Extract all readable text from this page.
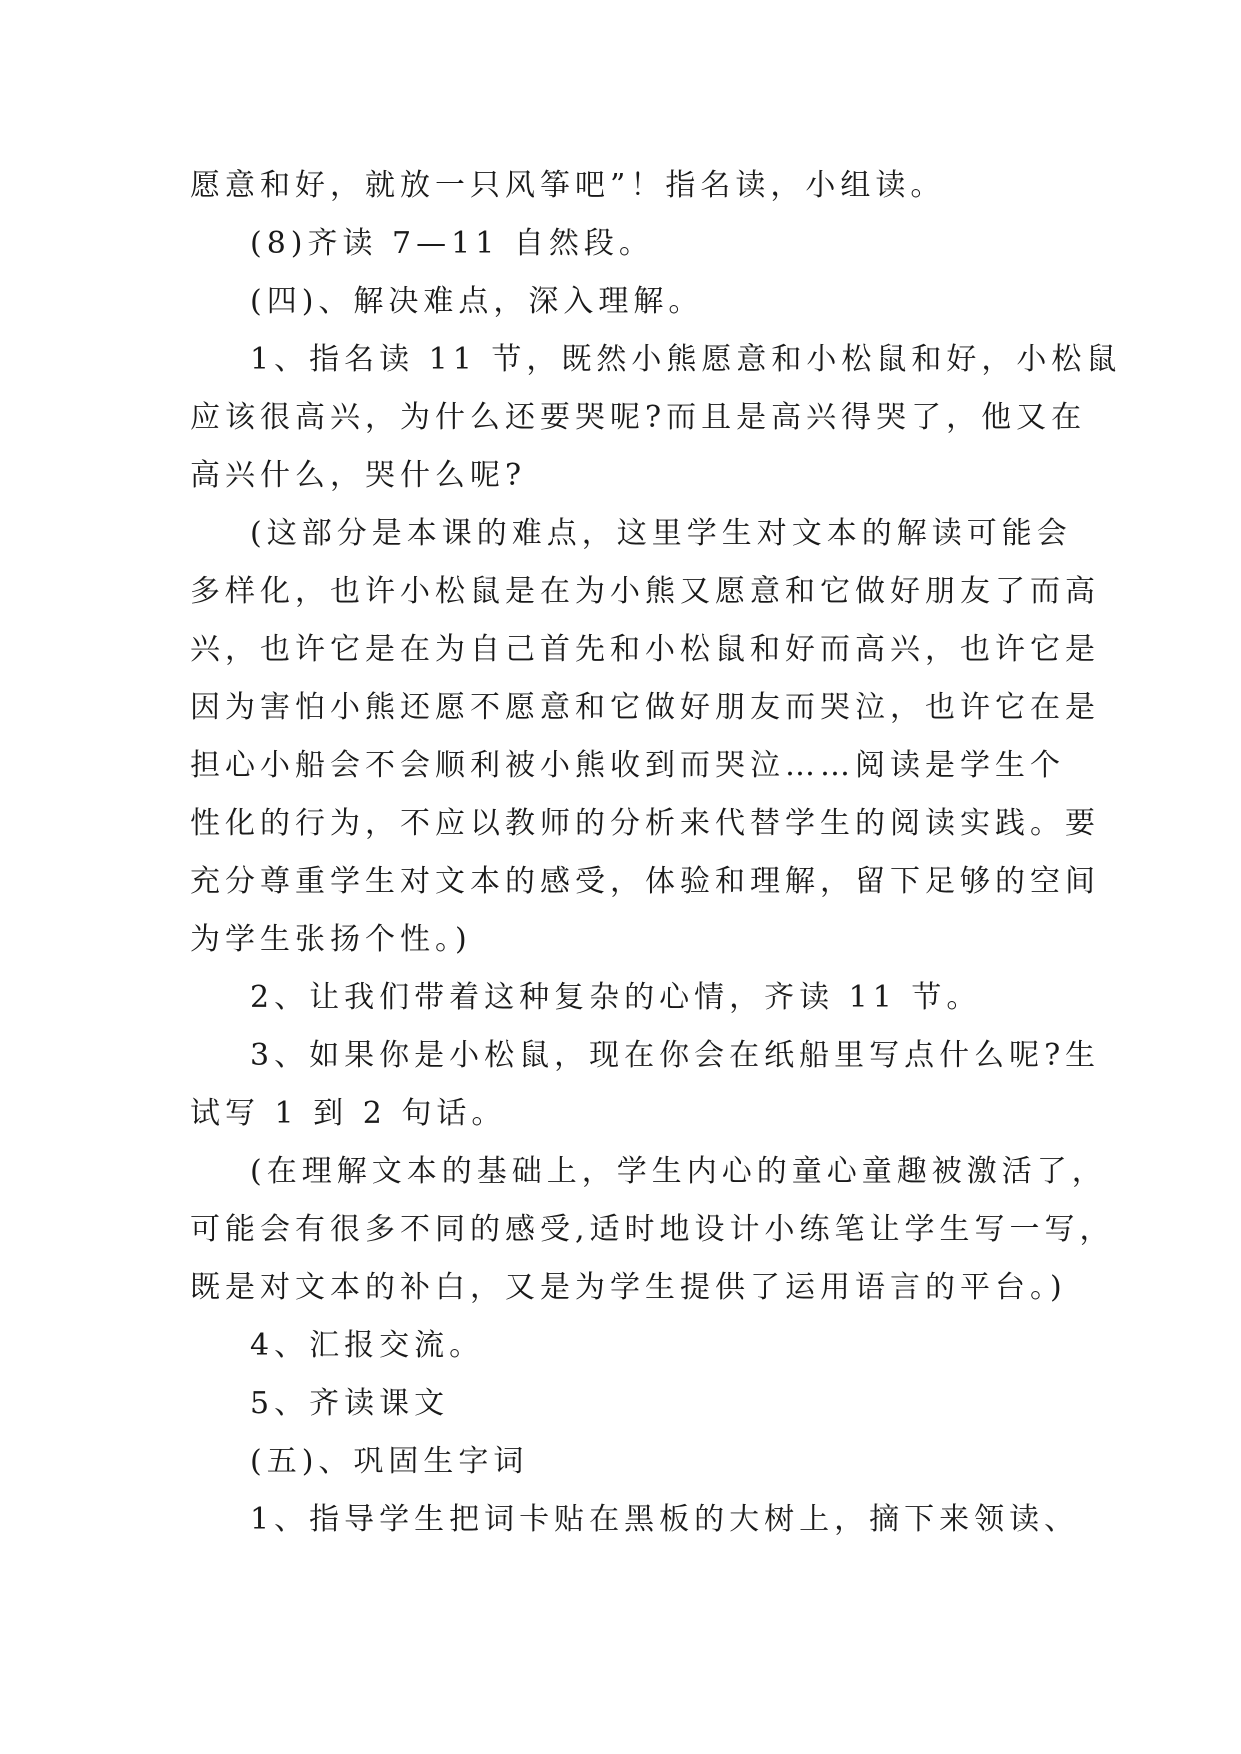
愿意和好，就放一只风筝吧”！指名读，小组读。
(8)齐读 7—11 自然段。
(四)、解决难点，深入理解。
1、指名读 11 节，既然小熊愿意和小松鼠和好，小松鼠
应该很高兴，为什么还要哭呢?而且是高兴得哭了，他又在
高兴什么，哭什么呢?
(这部分是本课的难点，这里学生对文本的解读可能会
多样化，也许小松鼠是在为小熊又愿意和它做好朋友了而高
兴，也许它是在为自己首先和小松鼠和好而高兴，也许它是
因为害怕小熊还愿不愿意和它做好朋友而哭泣，也许它在是
担心小船会不会顺利被小熊收到而哭泣……阅读是学生个
性化的行为，不应以教师的分析来代替学生的阅读实践。要
充分尊重学生对文本的感受，体验和理解，留下足够的空间
为学生张扬个性。)
2、让我们带着这种复杂的心情，齐读 11 节。
3、如果你是小松鼠，现在你会在纸船里写点什么呢?生
试写 1 到 2 句话。
(在理解文本的基础上，学生内心的童心童趣被激活了，
可能会有很多不同的感受,适时地设计小练笔让学生写一写，
既是对文本的补白，又是为学生提供了运用语言的平台。)
4、汇报交流。
5、齐读课文
(五)、巩固生字词
1、指导学生把词卡贴在黑板的大树上，摘下来领读、
